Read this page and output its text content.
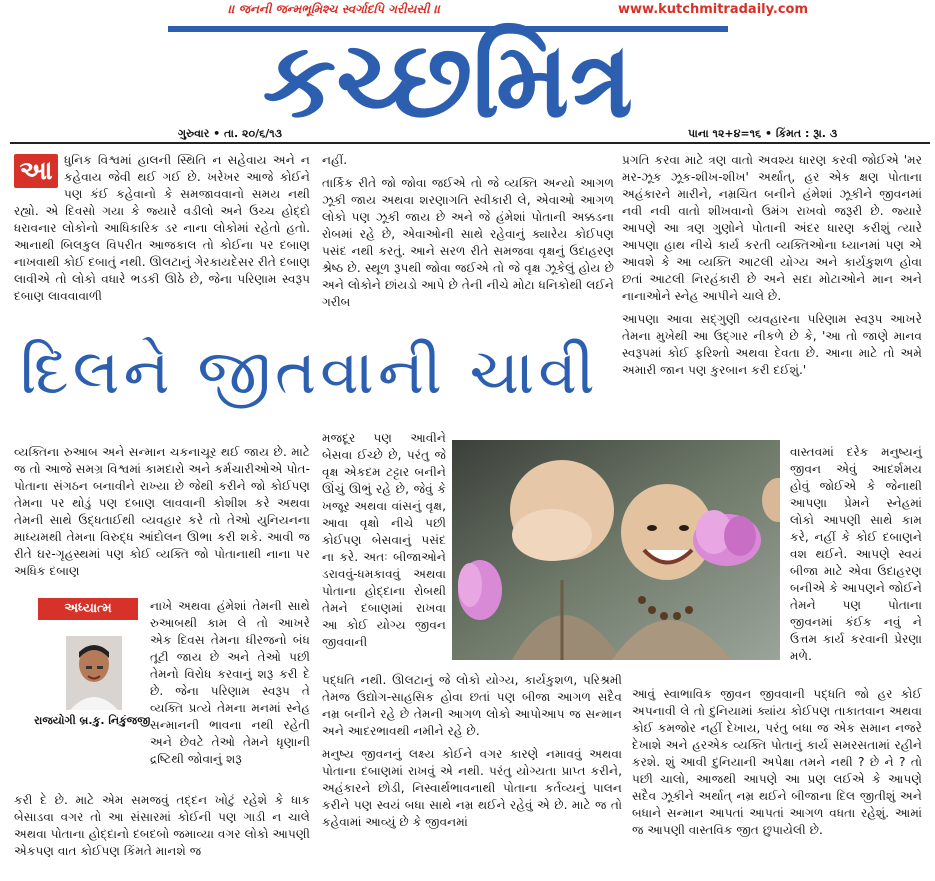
।। જનની જન્મભૂમિશ્ચ સ્વર્ગાદપિ ગરીયસી ।।	www.kutchmitradaily.com
કચ્છમિત્ર
ગુરુવાર • તા. ૨૦/૬/૧૩	પાના ૧૨+૪=૧૬ • કિંમત : રૂા. ૩
આ ધુનિક વિશ્વમાં હાલની સ્થિતિ ન સહેવાય અને ન કહેવાય જેવી થઈ ગઈ છે. ખરેખર આજે કોઈને પણ કંઈ કહેવાનો કે સમજાવવાનો સમય નથી રહ્યો. એ દિવસો ગયા કે જ્યારે વડીલો અને ઉચ્ચ હોદ્દો ધરાવનાર લોકોનો આધિકારિક ડર નાના લોકોમાં રહેતો હતો. આનાથી બિલકુલ વિપરીત આજકાલ તો કોઈના પર દબાણ નાખવાથી કોઈ દબાતું નથી. ઊલટાનું ગેરકાયદેસર રીતે દબાણ લાવીએ તો લોકો વધારે ભડકી ઊઠે છે, જેના પરિણામ સ્વરૂપ દબાણ લાવવાવાળી

નહીં.

તાર્કિક રીતે જો જોવા જઈએ તો જે વ્યક્તિ અન્યો આગળ ઝૂકી જાય અથવા શરણાગતિ સ્વીકારી લે, એવાઓ આગળ લોકો પણ ઝૂકી જાય છે અને જે હંમેશાં પોતાની અક્કડના રોબમાં રહે છે, એવાઓની સાથે રહેવાનું ક્યારેય કોઈપણ પસંદ નથી કરતું. આને સરળ રીતે સમજવા વૃક્ષનું ઉદાહરણ શ્રેષ્ઠ છે. સ્થૂળ રૂપથી જોવા જઈએ તો જે વૃક્ષ ઝૂકેલું હોય છે અને લોકોને છાંયડો આપે છે તેની નીચે મોટા ધનિકોથી લઈને ગરીબ

પ્રગતિ કરવા માટે ત્રણ વાતો અવશ્ય ધારણ કરવી જોઈએ 'મર મર-ઝૂક ઝૂક-શીખ-શીખ' અર્થાત્, હર એક ક્ષણ પોતાના અહંકારને મારીને, નમ્રચિત બનીને હંમેશાં ઝૂકીને જીવનમાં નવી નવી વાતો શીખવાનો ઉમંગ રાખવો જરૂરી છે. જ્યારે આપણે આ ત્રણ ગુણોને પોતાની અંદર ધારણ કરીશું ત્યારે આપણા હાથ નીચે કાર્ય કરતી વ્યક્તિઓના ધ્યાનમાં પણ એ આવશે કે આ વ્યક્તિ આટલી યોગ્ય અને કાર્યકુશળ હોવા છતાં આટલી નિરહંકારી છે અને સદા મોટાઓને માન અને નાનાઓને સ્નેહ આપીને ચાલે છે.

આપણા આવા સદ્ગુણી વ્યવહારના પરિણામ સ્વરૂપ આખરે તેમના મુખેથી આ ઉદ્ગાર નીકળે છે કે, 'આ તો જાણે માનવ સ્વરૂપમાં કોઈ ફરિશ્તો અથવા દેવતા છે. આના માટે તો અમે અમારી જાન પણ કુરબાન કરી દઈશું.'

દિલને જીતવાની ચાવી
વ્યક્તિના રુઆબ અને સન્માન ચકનાચૂર થઈ જાય છે. માટે જ તો આજે સમગ્ર વિશ્વમાં કામદારો અને કર્મચારીઓએ પોત-પોતાના સંગઠન બનાવીને રાખ્યા છે જેથી કરીને જો કોઈપણ તેમના પર થોડું પણ દબાણ લાવવાની કોશીશ કરે અથવા તેમની સાથે ઉદ્ધતાઈથી વ્યવહાર કરે તો તેઓ યુનિયનના માધ્યમથી તેમના વિરુદ્ધ આંદોલન ઊભા કરી શકે. આવી જ રીતે ઘર-ગૃહસ્થમાં પણ કોઈ વ્યક્તિ જો પોતાનાથી નાના પર અધિક દબાણ
નાખે અથવા હંમેશાં તેમની સાથે રુઆબથી કામ લે તો આખરે એક દિવસ તેમના ધીરજનો બંધ તૂટી જાય છે અને તેઓ પછી તેમનો વિરોધ કરવાનું શરૂ કરી દે છે. જેના પરિણામ સ્વરૂપ તે વ્યક્તિ પ્રત્યે તેમના મનમાં સ્નેહ સન્માનની ભાવના નથી રહેતી અને છેવટે તેઓ તેમને ધૃણાની દ્રષ્ટિથી જોવાનું શરૂ
કરી દે છે. માટે એમ સમજવું તદ્દન ખોટું રહેશે કે ધાક બેસાડવા વગર તો આ સંસારમાં કોઈની પણ ગાડી ન ચાલે અથવા પોતાના હોદ્દાનો દબદબો જમાવ્યા વગર લોકો આપણી એકપણ વાત કોઈપણ કિંમતે માનશે જ
અધ્યાત્મ
રાજયોગી બ્ર.કુ. નિકુંજજી
મજદૂર પણ આવીને બેસવા ઈચ્છે છે, પરંતુ જે વૃક્ષ એકદમ ટટ્ટાર બનીને ઊંચું ઊભું રહે છે, જેવું કે ખજૂર અથવા વાંસનું વૃક્ષ, આવા વૃક્ષો નીચે પછી કોઈપણ બેસવાનું પસંદ ના કરે. અતઃ બીજાઓને ડરાવવું-ધમકાવવું અથવા પોતાના હોદ્દાના રોબથી તેમને દબાણમાં રાખવા આ કોઈ યોગ્ય જીવન જીવવાની

પદ્ધતિ નથી. ઊલટાનું જે લોકો યોગ્ય, કાર્યકુશળ, પરિશ્રમી તેમજ ઉદ્યોગ-સાહસિક હોવા છતાં પણ બીજા આગળ સદૈવ નમ્ર બનીને રહે છે તેમની આગળ લોકો આપોઆપ જ સન્માન અને આદરભાવથી નમીને રહે છે.

મનુષ્ય જીવનનું લક્ષ્ય કોઈને વગર કારણે નમાવવું અથવા પોતાના દબાણમાં રાખવું એ નથી. પરંતુ યોગ્યતા પ્રાપ્ત કરીને, અહંકારને છોડી, નિસ્વાર્થભાવનાથી પોતાના કર્તવ્યનું પાલન કરીને પણ સ્વયં બધા સાથે નમ્ર થઈને રહેવું એ છે. માટે જ તો કહેવામાં આવ્યું છે કે જીવનમાં

વાસ્તવમાં દરેક મનુષ્યનું જીવન એવું આદર્શમય હોવું જોઈએ કે જેનાથી આપણા પ્રેમને સ્નેહમાં લોકો આપણી સાથે કામ કરે, નહીં કે કોઈ દબાણને વશ થઈને. આપણે સ્વયં બીજા માટે એવા ઉદાહરણ બનીએ કે આપણને જોઈને તેમને પણ પોતાના જીવનમાં કંઈક નવું ને ઉત્તમ કાર્ય કરવાની પ્રેરણા મળે.
આવું સ્વાભાવિક જીવન જીવવાની પદ્ધતિ જો હર કોઈ અપનાવી લે તો દુનિયામાં ક્યાંય કોઈપણ તાકાતવાન અથવા કોઈ કમજોર નહીં દેખાય, પરંતુ બધા જ એક સમાન નજરે દેખાશે અને હરએક વ્યક્તિ પોતાનું કાર્ય સમરસતામાં રહીને કરશે. શું આવી દુનિયાની અપેક્ષા તમને નથી ? છે ને ? તો પછી ચાલો, આજથી આપણે આ પ્રણ લઈએ કે આપણે સદૈવ ઝૂકીને અર્થાત્ નમ્ર થઈને બીજાના દિલ જીતીશું અને બધાને સન્માન આપતાં આપતાં આગળ વધતા રહેશું. આમાં જ આપણી વાસ્તવિક જીત છુપાયેલી છે.
